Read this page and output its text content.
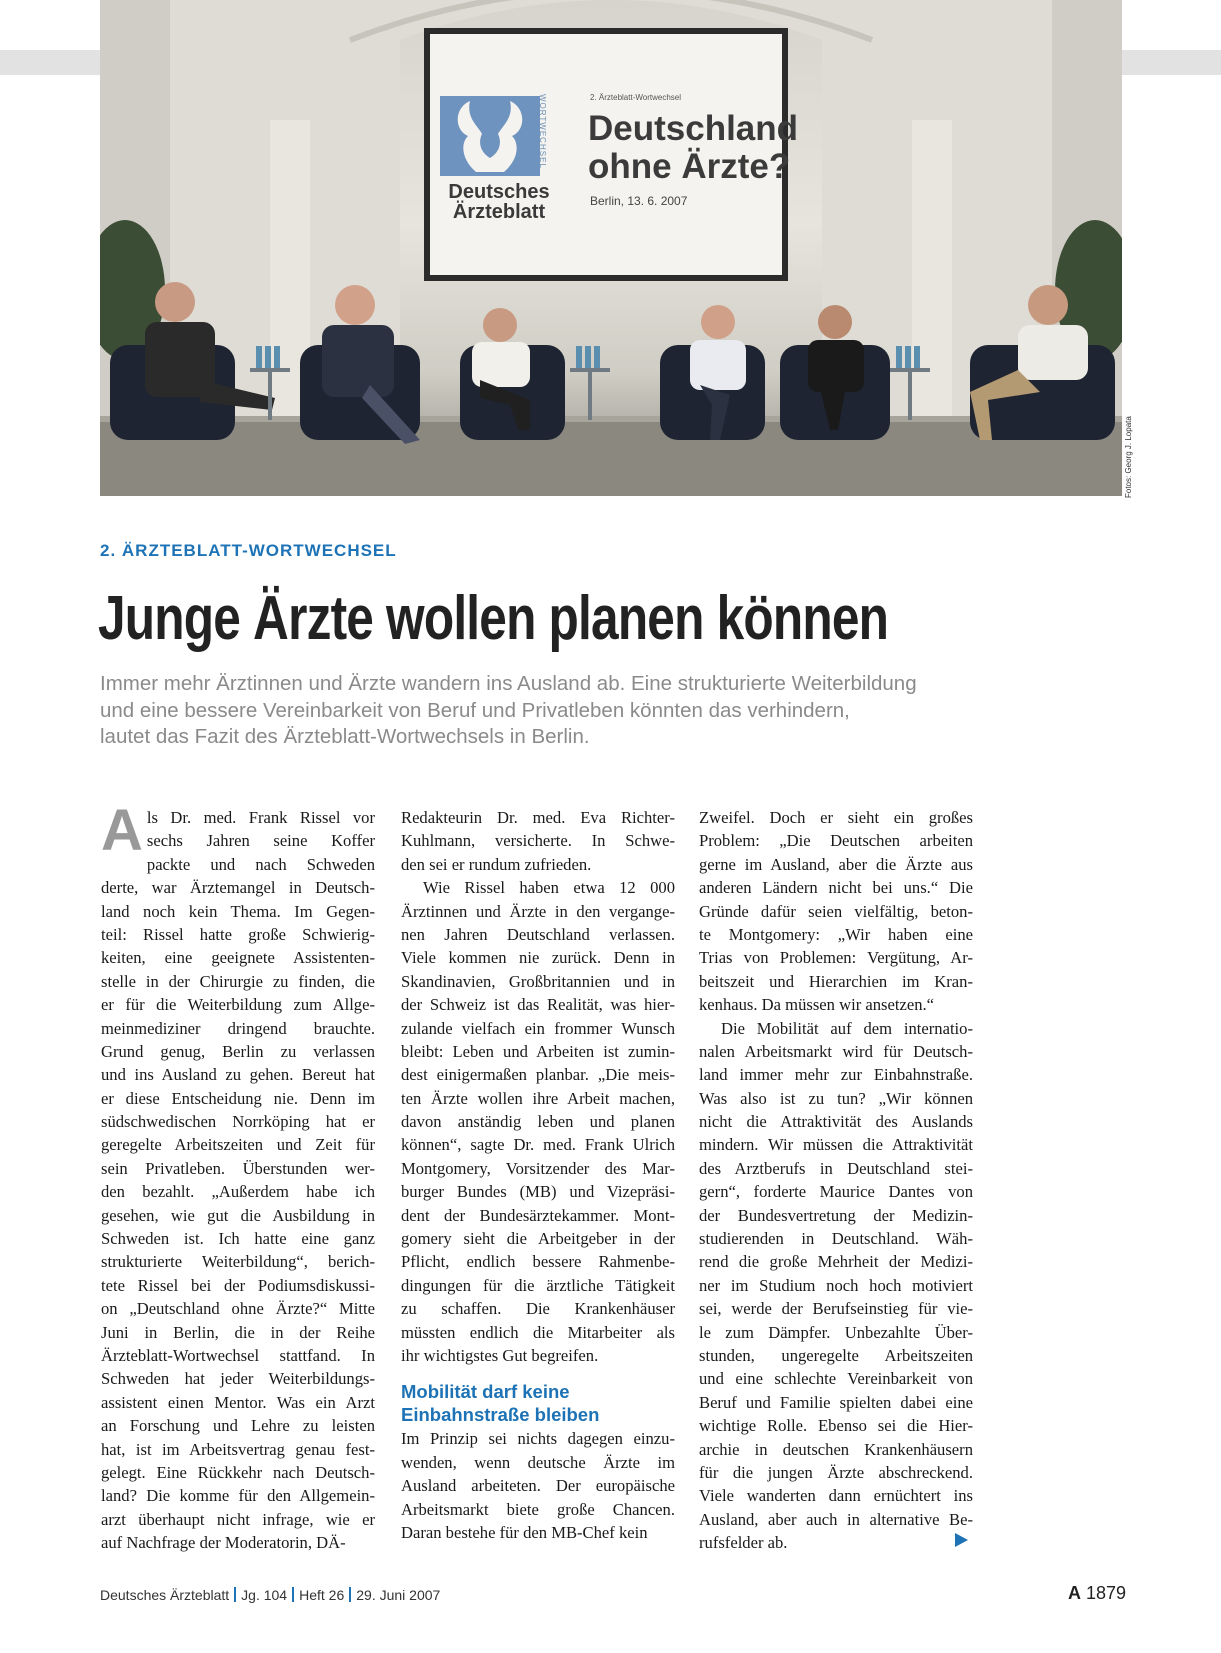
WORTWECHSEL
Deutsches
Ärzteblatt
2. Ärzteblatt-Wortwechsel
Deutschland
ohne Ärzte?
Berlin, 13. 6. 2007
Fotos: Georg J. Lopata
2. ÄRZTEBLATT-WORTWECHSEL
Junge Ärzte wollen planen können
Immer mehr Ärztinnen und Ärzte wandern ins Ausland ab. Eine strukturierte Weiterbildung
und eine bessere Vereinbarkeit von Beruf und Privatleben könnten das verhindern,
lautet das Fazit des Ärzteblatt-Wortwechsels in Berlin.
A ls Dr. med. Frank Rissel vor
sechs Jahren seine Koffer
packte und nach Schweden
derte, war Ärztemangel in Deutsch-
land noch kein Thema. Im Gegen-
teil: Rissel hatte große Schwierig-
keiten, eine geeignete Assistenten-
stelle in der Chirurgie zu finden, die
er für die Weiterbildung zum Allge-
meinmediziner dringend brauchte.
Grund genug, Berlin zu verlassen
und ins Ausland zu gehen. Bereut hat
er diese Entscheidung nie. Denn im
südschwedischen Norrköping hat er
geregelte Arbeitszeiten und Zeit für
sein Privatleben. Überstunden wer-
den bezahlt. „Außerdem habe ich
gesehen, wie gut die Ausbildung in
Schweden ist. Ich hatte eine ganz
strukturierte Weiterbildung“, berich-
tete Rissel bei der Podiumsdiskussi-
on „Deutschland ohne Ärzte?“ Mitte
Juni in Berlin, die in der Reihe
Ärzteblatt-Wortwechsel stattfand. In
Schweden hat jeder Weiterbildungs-
assistent einen Mentor. Was ein Arzt
an Forschung und Lehre zu leisten
hat, ist im Arbeitsvertrag genau fest-
gelegt. Eine Rückkehr nach Deutsch-
land? Die komme für den Allgemein-
arzt überhaupt nicht infrage, wie er
auf Nachfrage der Moderatorin, DÄ-
Redakteurin Dr. med. Eva Richter-
Kuhlmann, versicherte. In Schwe-
den sei er rundum zufrieden.
Wie Rissel haben etwa 12 000
Ärztinnen und Ärzte in den vergange-
nen Jahren Deutschland verlassen.
Viele kommen nie zurück. Denn in
Skandinavien, Großbritannien und in
der Schweiz ist das Realität, was hier-
zulande vielfach ein frommer Wunsch
bleibt: Leben und Arbeiten ist zumin-
dest einigermaßen planbar. „Die meis-
ten Ärzte wollen ihre Arbeit machen,
davon anständig leben und planen
können“, sagte Dr. med. Frank Ulrich
Montgomery, Vorsitzender des Mar-
burger Bundes (MB) und Vizepräsi-
dent der Bundesärztekammer. Mont-
gomery sieht die Arbeitgeber in der
Pflicht, endlich bessere Rahmenbe-
dingungen für die ärztliche Tätigkeit
zu schaffen. Die Krankenhäuser
müssten endlich die Mitarbeiter als
ihr wichtigstes Gut begreifen.
Mobilität darf keine
Einbahnstraße bleiben
Im Prinzip sei nichts dagegen einzu-
wenden, wenn deutsche Ärzte im
Ausland arbeiteten. Der europäische
Arbeitsmarkt biete große Chancen.
Daran bestehe für den MB-Chef kein
Zweifel. Doch er sieht ein großes
Problem: „Die Deutschen arbeiten
gerne im Ausland, aber die Ärzte aus
anderen Ländern nicht bei uns.“ Die
Gründe dafür seien vielfältig, beton-
te Montgomery: „Wir haben eine
Trias von Problemen: Vergütung, Ar-
beitszeit und Hierarchien im Kran-
kenhaus. Da müssen wir ansetzen.“
Die Mobilität auf dem internatio-
nalen Arbeitsmarkt wird für Deutsch-
land immer mehr zur Einbahnstraße.
Was also ist zu tun? „Wir können
nicht die Attraktivität des Auslands
mindern. Wir müssen die Attraktivität
des Arztberufs in Deutschland stei-
gern“, forderte Maurice Dantes von
der Bundesvertretung der Medizin-
studierenden in Deutschland. Wäh-
rend die große Mehrheit der Medizi-
ner im Studium noch hoch motiviert
sei, werde der Berufseinstieg für vie-
le zum Dämpfer. Unbezahlte Über-
stunden, ungeregelte Arbeitszeiten
und eine schlechte Vereinbarkeit von
Beruf und Familie spielten dabei eine
wichtige Rolle. Ebenso sei die Hier-
archie in deutschen Krankenhäusern
für die jungen Ärzte abschreckend.
Viele wanderten dann ernüchtert ins
Ausland, aber auch in alternative Be-
rufsfelder ab.
Deutsches Ärzteblatt Jg. 104 Heft 26 29. Juni 2007	A 1879
